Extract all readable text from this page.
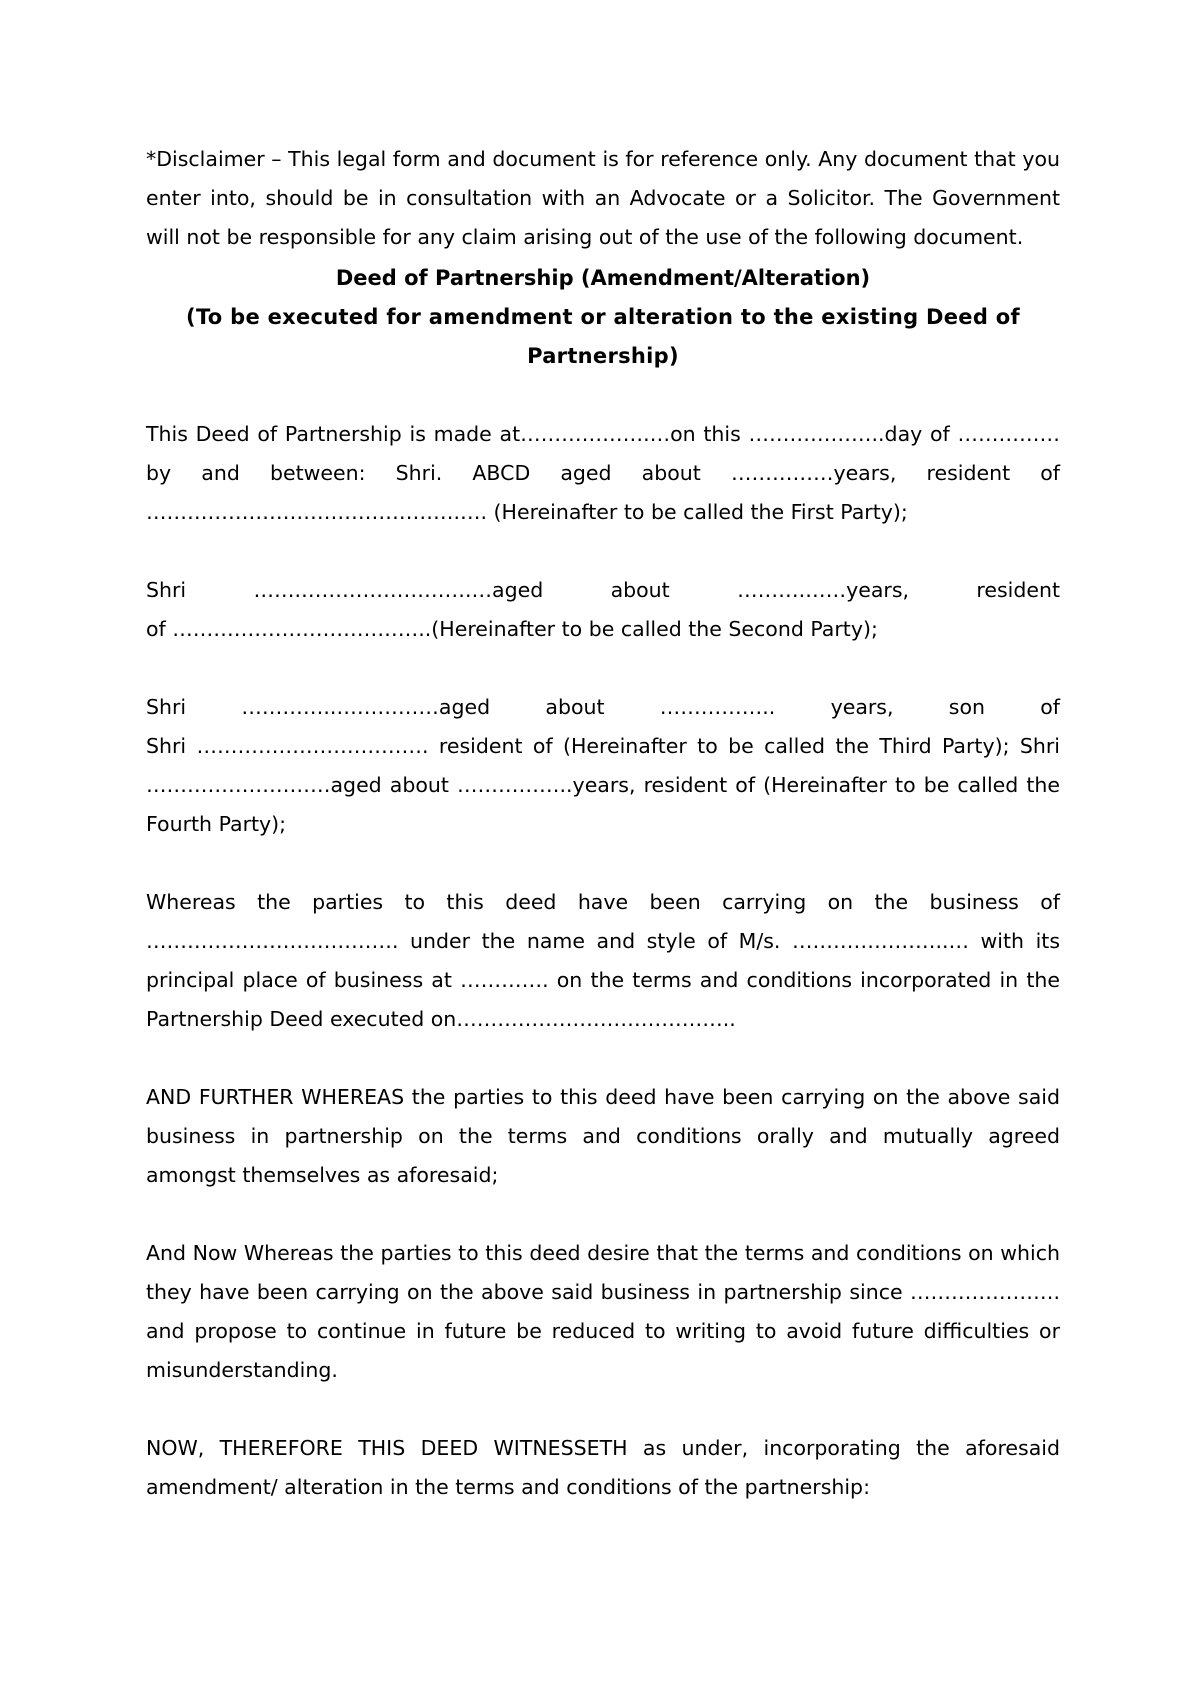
*Disclaimer – This legal form and document is for reference only. Any document that you enter into, should be in consultation with an Advocate or a Solicitor. The Government will not be responsible for any claim arising out of the use of the following document.

Deed of Partnership (Amendment/Alteration)
(To be executed for amendment or alteration to the existing Deed of Partnership)

This Deed of Partnership is made at……………….…on this ………………..day of ……………by and between: Shri. ABCD aged about ……………years, resident of ……………………………………….…. (Hereinafter to be called the First Party);

Shri …….…………………….…aged about ……….……years, resident

of ………………………………..(Hereinafter to be called the Second Party);

Shri …………..……………aged about …………….. years, son of

Shri ……………………………. resident of (Hereinafter to be called the Third Party); Shri ………………………aged about ……………..years, resident of (Hereinafter to be called the Fourth Party);

Whereas the parties to this deed have been carrying on the business of ………………………………. under the name and style of M/s. …………………..… with its principal place of business at …………. on the terms and conditions incorporated in the Partnership Deed executed on…………………………………..

AND FURTHER WHEREAS the parties to this deed have been carrying on the above said business in partnership on the terms and conditions orally and mutually agreed amongst themselves as aforesaid;

And Now Whereas the parties to this deed desire that the terms and conditions on which they have been carrying on the above said business in partnership since …………………. and propose to continue in future be reduced to writing to avoid future difficulties or misunderstanding.

NOW, THEREFORE THIS DEED WITNESSETH as under, incorporating the aforesaid amendment/ alteration in the terms and conditions of the partnership:
